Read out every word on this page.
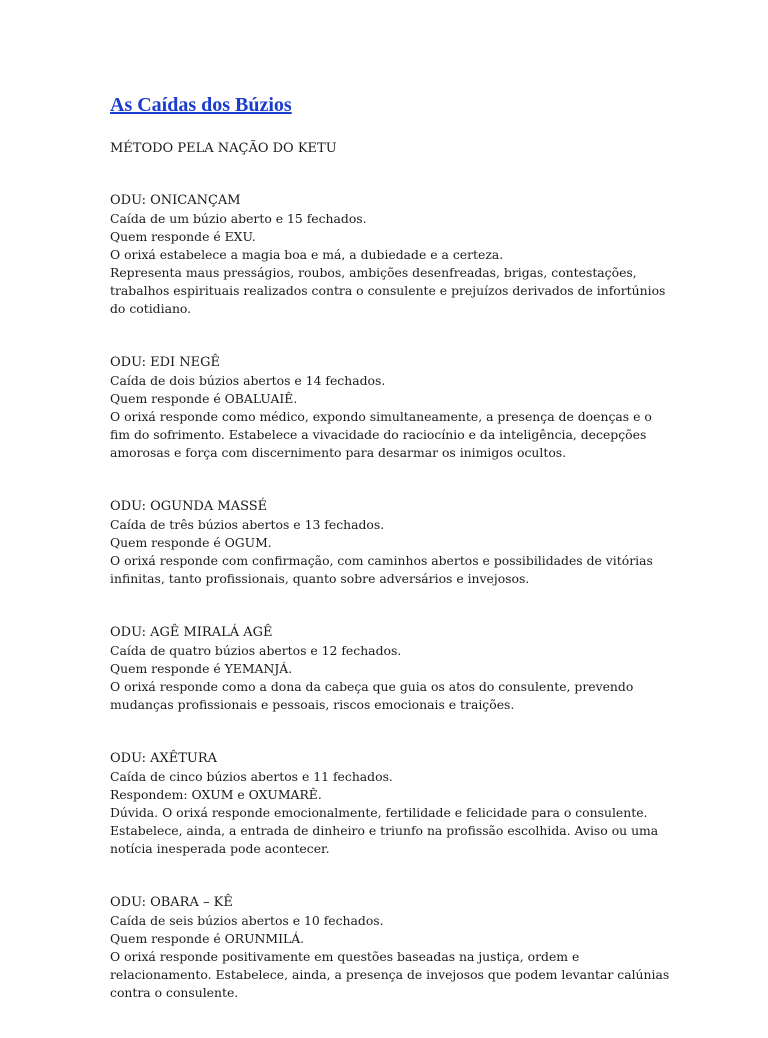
As Caídas dos Búzios

MÉTODO PELA NAÇÃO DO KETU

ODU: ONICANÇAM

Caída de um búzio aberto e 15 fechados.

Quem responde é EXU.

O orixá estabelece a magia boa e má, a dubiedade e a certeza.

Representa maus presságios, roubos, ambições desenfreadas, brigas, contestações,

trabalhos espirituais realizados contra o consulente e prejuízos derivados de infortúnios

do cotidiano.

ODU: EDI NEGÊ

Caída de dois búzios abertos e 14 fechados.

Quem responde é OBALUAIÊ.

O orixá responde como médico, expondo simultaneamente, a presença de doenças e o

fim do sofrimento. Estabelece a vivacidade do raciocínio e da inteligência, decepções

amorosas e força com discernimento para desarmar os inimigos ocultos.

ODU: OGUNDA MASSÉ

Caída de três búzios abertos e 13 fechados.

Quem responde é OGUM.

O orixá responde com confirmação, com caminhos abertos e possibilidades de vitórias

infinitas, tanto profissionais, quanto sobre adversários e invejosos.

ODU: AGÊ MIRALÁ AGÊ

Caída de quatro búzios abertos e 12 fechados.

Quem responde é YEMANJÁ.

O orixá responde como a dona da cabeça que guia os atos do consulente, prevendo

mudanças profissionais e pessoais, riscos emocionais e traições.

ODU: AXÊTURA

Caída de cinco búzios abertos e 11 fechados.

Respondem: OXUM e OXUMARÊ.

Dúvida. O orixá responde emocionalmente, fertilidade e felicidade para o consulente.

Estabelece, ainda, a entrada de dinheiro e triunfo na profissão escolhida. Aviso ou uma

notícia inesperada pode acontecer.

ODU: OBARA – KÊ

Caída de seis búzios abertos e 10 fechados.

Quem responde é ORUNMILÁ.

O orixá responde positivamente em questões baseadas na justiça, ordem e

relacionamento. Estabelece, ainda, a presença de invejosos que podem levantar calúnias

contra o consulente.
